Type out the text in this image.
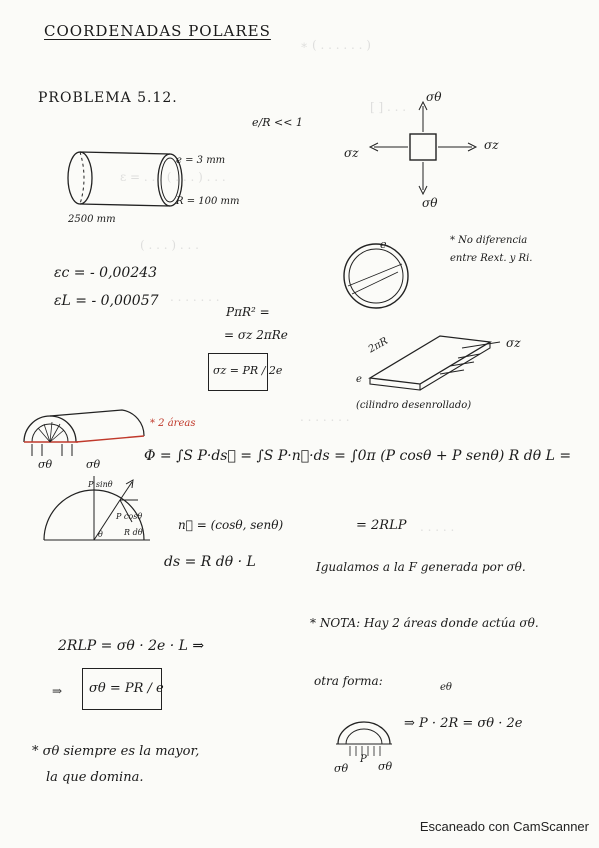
∗ ( . . . . . . )
[ ] . . .
ε = . . . ( . . . ) . . .
( . . . ) . . .
. . . . . . .
. . . . . . .
. . . . .
COORDENADAS POLARES
PROBLEMA 5.12.
e/R << 1
e = 3 mm
R = 100 mm
2500 mm
εc = - 0,00243
εL = - 0,00057
σθ
σθ
σz
σz
e	* No diferencia entre Rext. y Ri.
PπR² =
= σz 2πRe
σz = PR / 2e
2πR
e
σz
(cilindro desenrollado)
* 2 áreas
σθ	σθ
Φ = ∫S P·ds⃗ = ∫S P·n⃗·ds = ∫0π (P cosθ + P senθ) R dθ L =
= 2RLP
P sinθ
P cosθ
R dθ
θ
n⃗ = (cosθ, senθ)
ds = R dθ · L	Igualamos a la F generada por σθ.
* NOTA: Hay 2 áreas donde actúa σθ.
otra forma:	eθ
2RLP = σθ · 2e · L ⇒
⇒ σθ = PR / e
σθ
P
σθ
⇒ P · 2R = σθ · 2e
* σθ siempre es la mayor,
la que domina.
Escaneado con CamScanner
